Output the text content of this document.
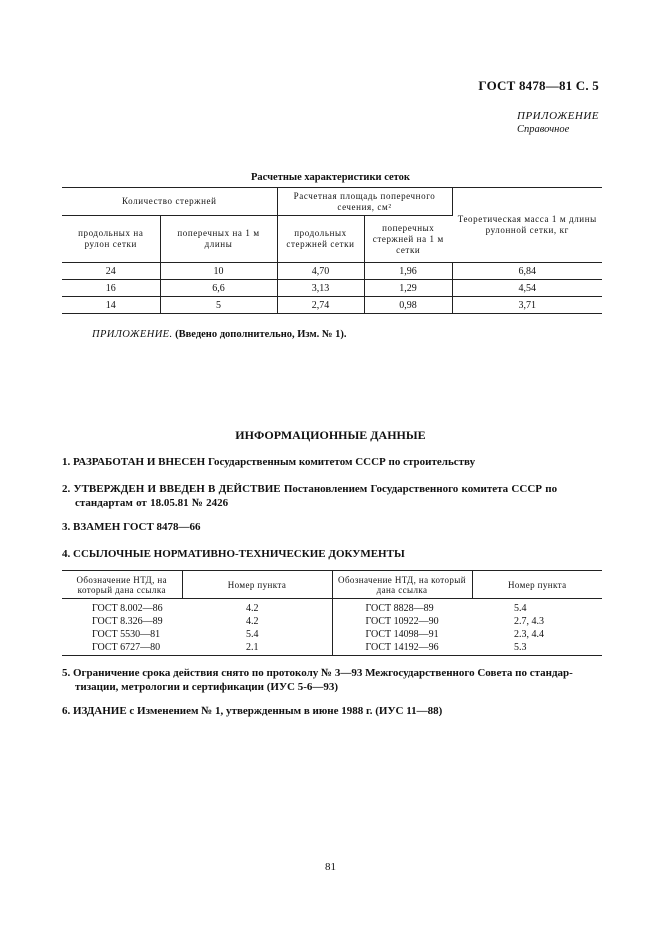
ГОСТ 8478—81 С. 5
ПРИЛОЖЕНИЕ
Справочное
Расчетные характеристики сеток
Количество стержней		Расчетная площадь поперечного сечения, см²		Теоретическая масса 1 м длины рулонной сетки, кг
продольных на рулон сетки	поперечных на 1 м длины	продольных стержней сетки	поперечных стержней на 1 м сетки	
24	10	4,70	1,96	6,84
16	6,6	3,13	1,29	4,54
14	5	2,74	0,98	3,71
ПРИЛОЖЕНИЕ. (Введено дополнительно, Изм. № 1).
ИНФОРМАЦИОННЫЕ ДАННЫЕ
1. РАЗРАБОТАН И ВНЕСЕН Государственным комитетом СССР по строительству
2. УТВЕРЖДЕН И ВВЕДЕН В ДЕЙСТВИЕ Постановлением Государственного комитета СССР по
стандартам от 18.05.81 № 2426
3. ВЗАМЕН ГОСТ 8478—66
4. ССЫЛОЧНЫЕ НОРМАТИВНО-ТЕХНИЧЕСКИЕ ДОКУМЕНТЫ
Обозначение НТД, на который дана ссылка	Номер пункта	Обозначение НТД, на который дана ссылка	Номер пункта
ГОСТ 8.002—86	4.2	ГОСТ 8828—89	5.4
ГОСТ 8.326—89	4.2	ГОСТ 10922—90	2.7, 4.3
ГОСТ 5530—81	5.4	ГОСТ 14098—91	2.3, 4.4
ГОСТ 6727—80	2.1	ГОСТ 14192—96	5.3
5. Ограничение срока действия снято по протоколу № 3—93 Межгосударственного Совета по стандар-
тизации, метрологии и сертификации (ИУС 5-6—93)
6. ИЗДАНИЕ с Изменением № 1, утвержденным в июне 1988 г. (ИУС 11—88)
81
